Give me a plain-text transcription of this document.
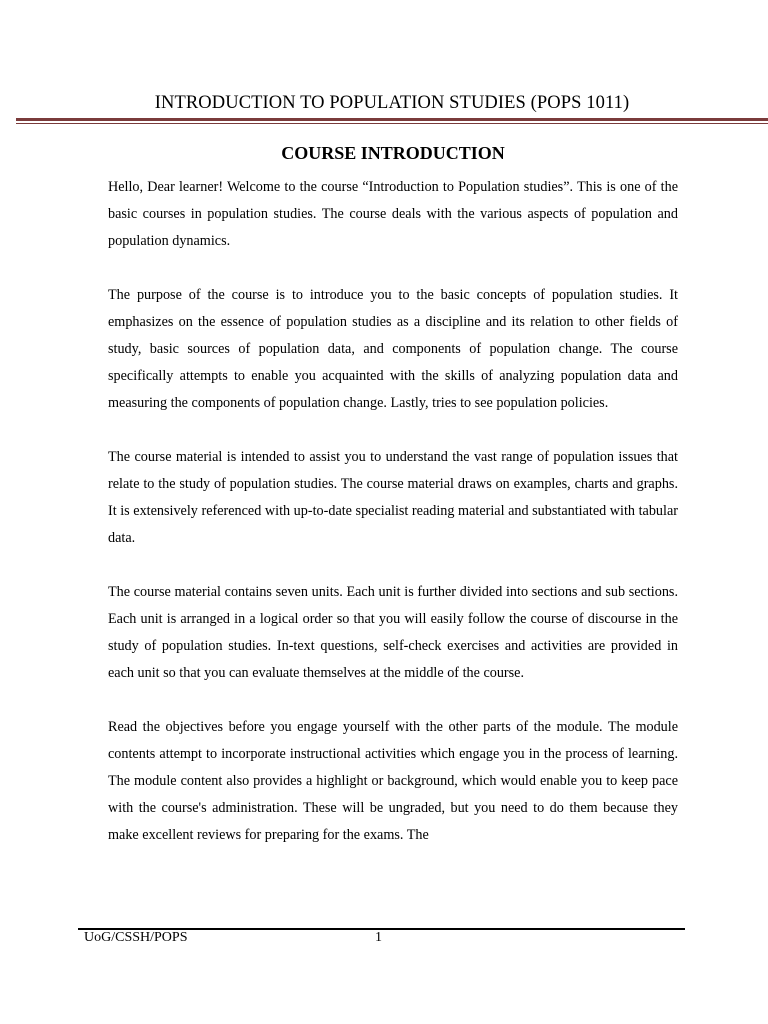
INTRODUCTION TO POPULATION STUDIES (POPS 1011)
COURSE INTRODUCTION

Hello, Dear learner! Welcome to the course “Introduction to Population studies”. This is one of the basic courses in population studies. The course deals with the various aspects of population and population dynamics.

The purpose of the course is to introduce you to the basic concepts of population studies. It emphasizes on the essence of population studies as a discipline and its relation to other fields of study, basic sources of population data, and components of population change. The course specifically attempts to enable you acquainted with the skills of analyzing population data and measuring the components of population change. Lastly, tries to see population policies.

The course material is intended to assist you to understand the vast range of population issues that relate to the study of population studies. The course material draws on examples, charts and graphs. It is extensively referenced with up-to-date specialist reading material and substantiated with tabular data.

The course material contains seven units. Each unit is further divided into sections and sub sections. Each unit is arranged in a logical order so that you will easily follow the course of discourse in the study of population studies. In-text questions, self-check exercises and activities are provided in each unit so that you can evaluate themselves at the middle of the course.

Read the objectives before you engage yourself with the other parts of the module. The module contents attempt to incorporate instructional activities which engage you in the process of learning. The module content also provides a highlight or background, which would enable you to keep pace with the course's administration. These will be ungraded, but you need to do them because they make excellent reviews for preparing for the exams. The

UoG/CSSH/POPS	1
